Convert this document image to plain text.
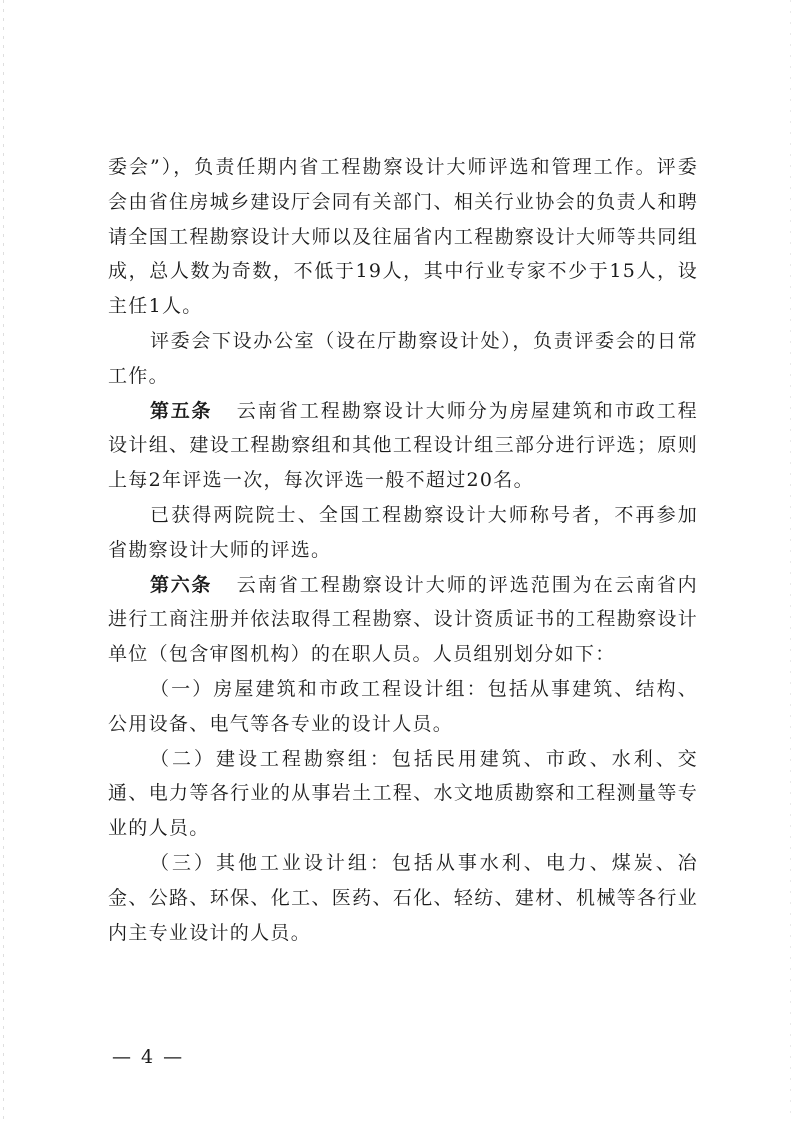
委会”），负责任期内省工程勘察设计大师评选和管理工作。评委会由省住房城乡建设厅会同有关部门、相关行业协会的负责人和聘请全国工程勘察设计大师以及往届省内工程勘察设计大师等共同组成，总人数为奇数，不低于19人，其中行业专家不少于15人，设主任1人。

评委会下设办公室（设在厅勘察设计处），负责评委会的日常工作。

第五条 云南省工程勘察设计大师分为房屋建筑和市政工程设计组、建设工程勘察组和其他工程设计组三部分进行评选；原则上每2年评选一次，每次评选一般不超过20名。

已获得两院院士、全国工程勘察设计大师称号者，不再参加省勘察设计大师的评选。

第六条 云南省工程勘察设计大师的评选范围为在云南省内进行工商注册并依法取得工程勘察、设计资质证书的工程勘察设计单位（包含审图机构）的在职人员。人员组别划分如下：

（一）房屋建筑和市政工程设计组：包括从事建筑、结构、公用设备、电气等各专业的设计人员。

（二）建设工程勘察组：包括民用建筑、市政、水利、交通、电力等各行业的从事岩土工程、水文地质勘察和工程测量等专业的人员。

（三）其他工业设计组：包括从事水利、电力、煤炭、冶金、公路、环保、化工、医药、石化、轻纺、建材、机械等各行业内主专业设计的人员。

— 4 —
